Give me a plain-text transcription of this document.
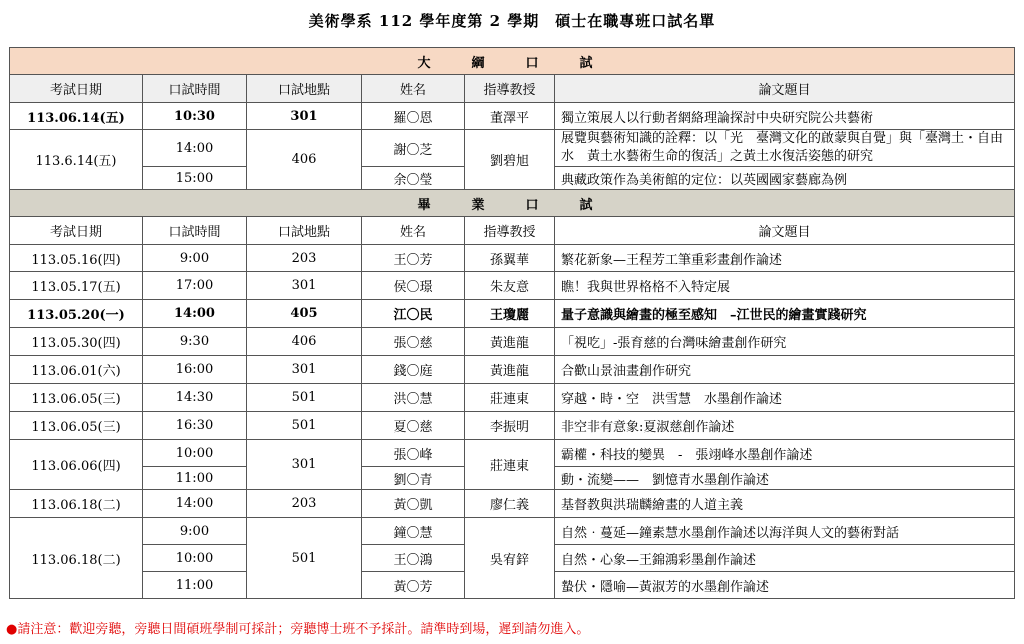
美術學系 112 學年度第 2 學期　碩士在職專班口試名單
大　綱　口　試					
考試日期	口試時間	口試地點	姓名	指導教授	論文題目
113.06.14(五)	10:30	301	羅〇恩	董澤平	獨立策展人以行動者網絡理論探討中央研究院公共藝術
113.6.14(五)	14:00	406	謝〇芝	劉碧旭	展覽與藝術知識的詮釋：以「光　臺灣文化的啟蒙與自覺」與「臺灣土・自由水　黃土水藝術生命的復活」之黃土水復活姿態的研究
	15:00		余〇瑩		典藏政策作為美術館的定位：以英國國家藝廊為例
畢　業　口　試					
考試日期	口試時間	口試地點	姓名	指導教授	論文題目
113.05.16(四)	9:00	203	王〇芳	孫翼華	繁花新象—王程芳工筆重彩畫創作論述
113.05.17(五)	17:00	301	侯〇璟	朱友意	瞧！我與世界格格不入特定展
113.05.20(一)	14:00	405	江〇民	王瓊麗	量子意識與繪畫的極至感知　–江世民的繪畫實踐研究
113.05.30(四)	9:30	406	張〇慈	黃進龍	「視吃」-張育慈的台灣味繪畫創作研究
113.06.01(六)	16:00	301	錢〇庭	黃進龍	合歡山景油畫創作研究
113.06.05(三)	14:30	501	洪〇慧	莊連東	穿越・時・空　洪雪慧　水墨創作論述
113.06.05(三)	16:30	501	夏〇慈	李振明	非空非有意象:夏淑慈創作論述
113.06.06(四)	10:00	301	張〇峰	莊連東	霸權・科技的變異　-　張翊峰水墨創作論述
	11:00		劉〇青		動・流變——　劉憶青水墨創作論述
113.06.18(二)	14:00	203	黃〇凱	廖仁義	基督教與洪瑞麟繪畫的人道主義
113.06.18(二)	9:00	501	鐘〇慧	吳宥鋅	自然‧蔓延—鐘素慧水墨創作論述以海洋與人文的藝術對話
	10:00		王〇鴻		自然・心象—王錦鴻彩墨創作論述
	11:00		黃〇芳		蟄伏・隱喻—黃淑芳的水墨創作論述
●請注意：歡迎旁聽，旁聽日間碩班學制可採計；旁聽博士班不予採計。請準時到場，遲到請勿進入。
